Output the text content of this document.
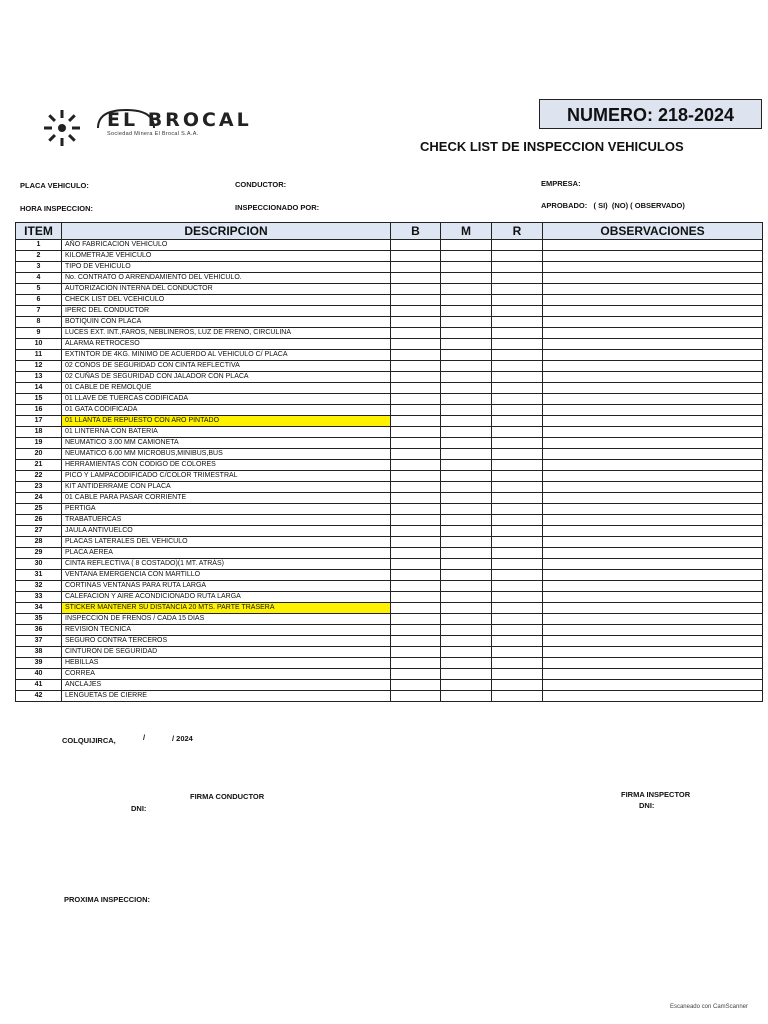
EL BROCAL
Sociedad Minera El Brocal S.A.A.
NUMERO: 218-2024
CHECK LIST DE INSPECCION VEHICULOS
PLACA VEHICULO:	CONDUCTOR:	EMPRESA:
HORA INSPECCION:	INSPECCIONADO POR:	APROBADO:   ( SI)  (NO) ( OBSERVADO)
ITEM	DESCRIPCION	B	M	R	OBSERVACIONES
1	AÑO FABRICACION VEHICULO				
2	KILOMETRAJE VEHICULO				
3	TIPO DE VEHICULO				
4	No. CONTRATO O ARRENDAMIENTO DEL VEHICULO.				
5	AUTORIZACION INTERNA DEL CONDUCTOR				
6	CHECK LIST DEL VCEHICULO				
7	IPERC DEL CONDUCTOR				
8	BOTIQUIN CON PLACA				
9	LUCES EXT. INT.,FAROS, NEBLINEROS, LUZ DE FRENO, CIRCULINA				
10	ALARMA RETROCESO				
11	EXTINTOR DE 4KG. MINIMO DE ACUERDO AL VEHICULO C/ PLACA				
12	02 CONOS DE SEGURIDAD CON CINTA REFLECTIVA				
13	02 CUÑAS DE SEGURIDAD CON JALADOR CON PLACA				
14	01 CABLE DE REMOLQUE				
15	01 LLAVE DE TUERCAS CODIFICADA				
16	01 GATA CODIFICADA				
17	01 LLANTA DE REPUESTO CON ARO PINTADO				
18	01 LINTERNA CON BATERIA				
19	NEUMATICO 3.00 MM CAMIONETA				
20	NEUMATICO 6.00 MM MICROBUS,MINIBUS,BUS				
21	HERRAMIENTAS CON CODIGO DE COLORES				
22	PICO Y LAMPACODIFICADO C/COLOR TRIMESTRAL				
23	KIT ANTIDERRAME CON PLACA				
24	01 CABLE PARA PASAR CORRIENTE				
25	PERTIGA				
26	TRABATUERCAS				
27	JAULA ANTIVUELCO				
28	PLACAS LATERALES DEL VEHICULO				
29	PLACA AEREA				
30	CINTA REFLECTIVA ( 8 COSTADO)(1 MT. ATRÁS)				
31	VENTANA EMERGENCIA CON MARTILLO				
32	CORTINAS VENTANAS PARA RUTA LARGA				
33	CALEFACION Y AIRE ACONDICIONADO RUTA LARGA				
34	STICKER MANTENER SU DISTANCIA 20 MTS. PARTE TRASERA				
35	INSPECCION DE FRENOS / CADA 15 DIAS				
36	REVISION TECNICA				
37	SEGURO CONTRA TERCEROS				
38	CINTURON DE SEGURIDAD				
39	HEBILLAS				
40	CORREA				
41	ANCLAJES				
42	LENGUETAS DE CIERRE				
COLQUIJIRCA,	/	/ 2024
FIRMA CONDUCTOR
DNI:
FIRMA INSPECTOR
DNI:
PROXIMA INSPECCION:
Escaneado con CamScanner
